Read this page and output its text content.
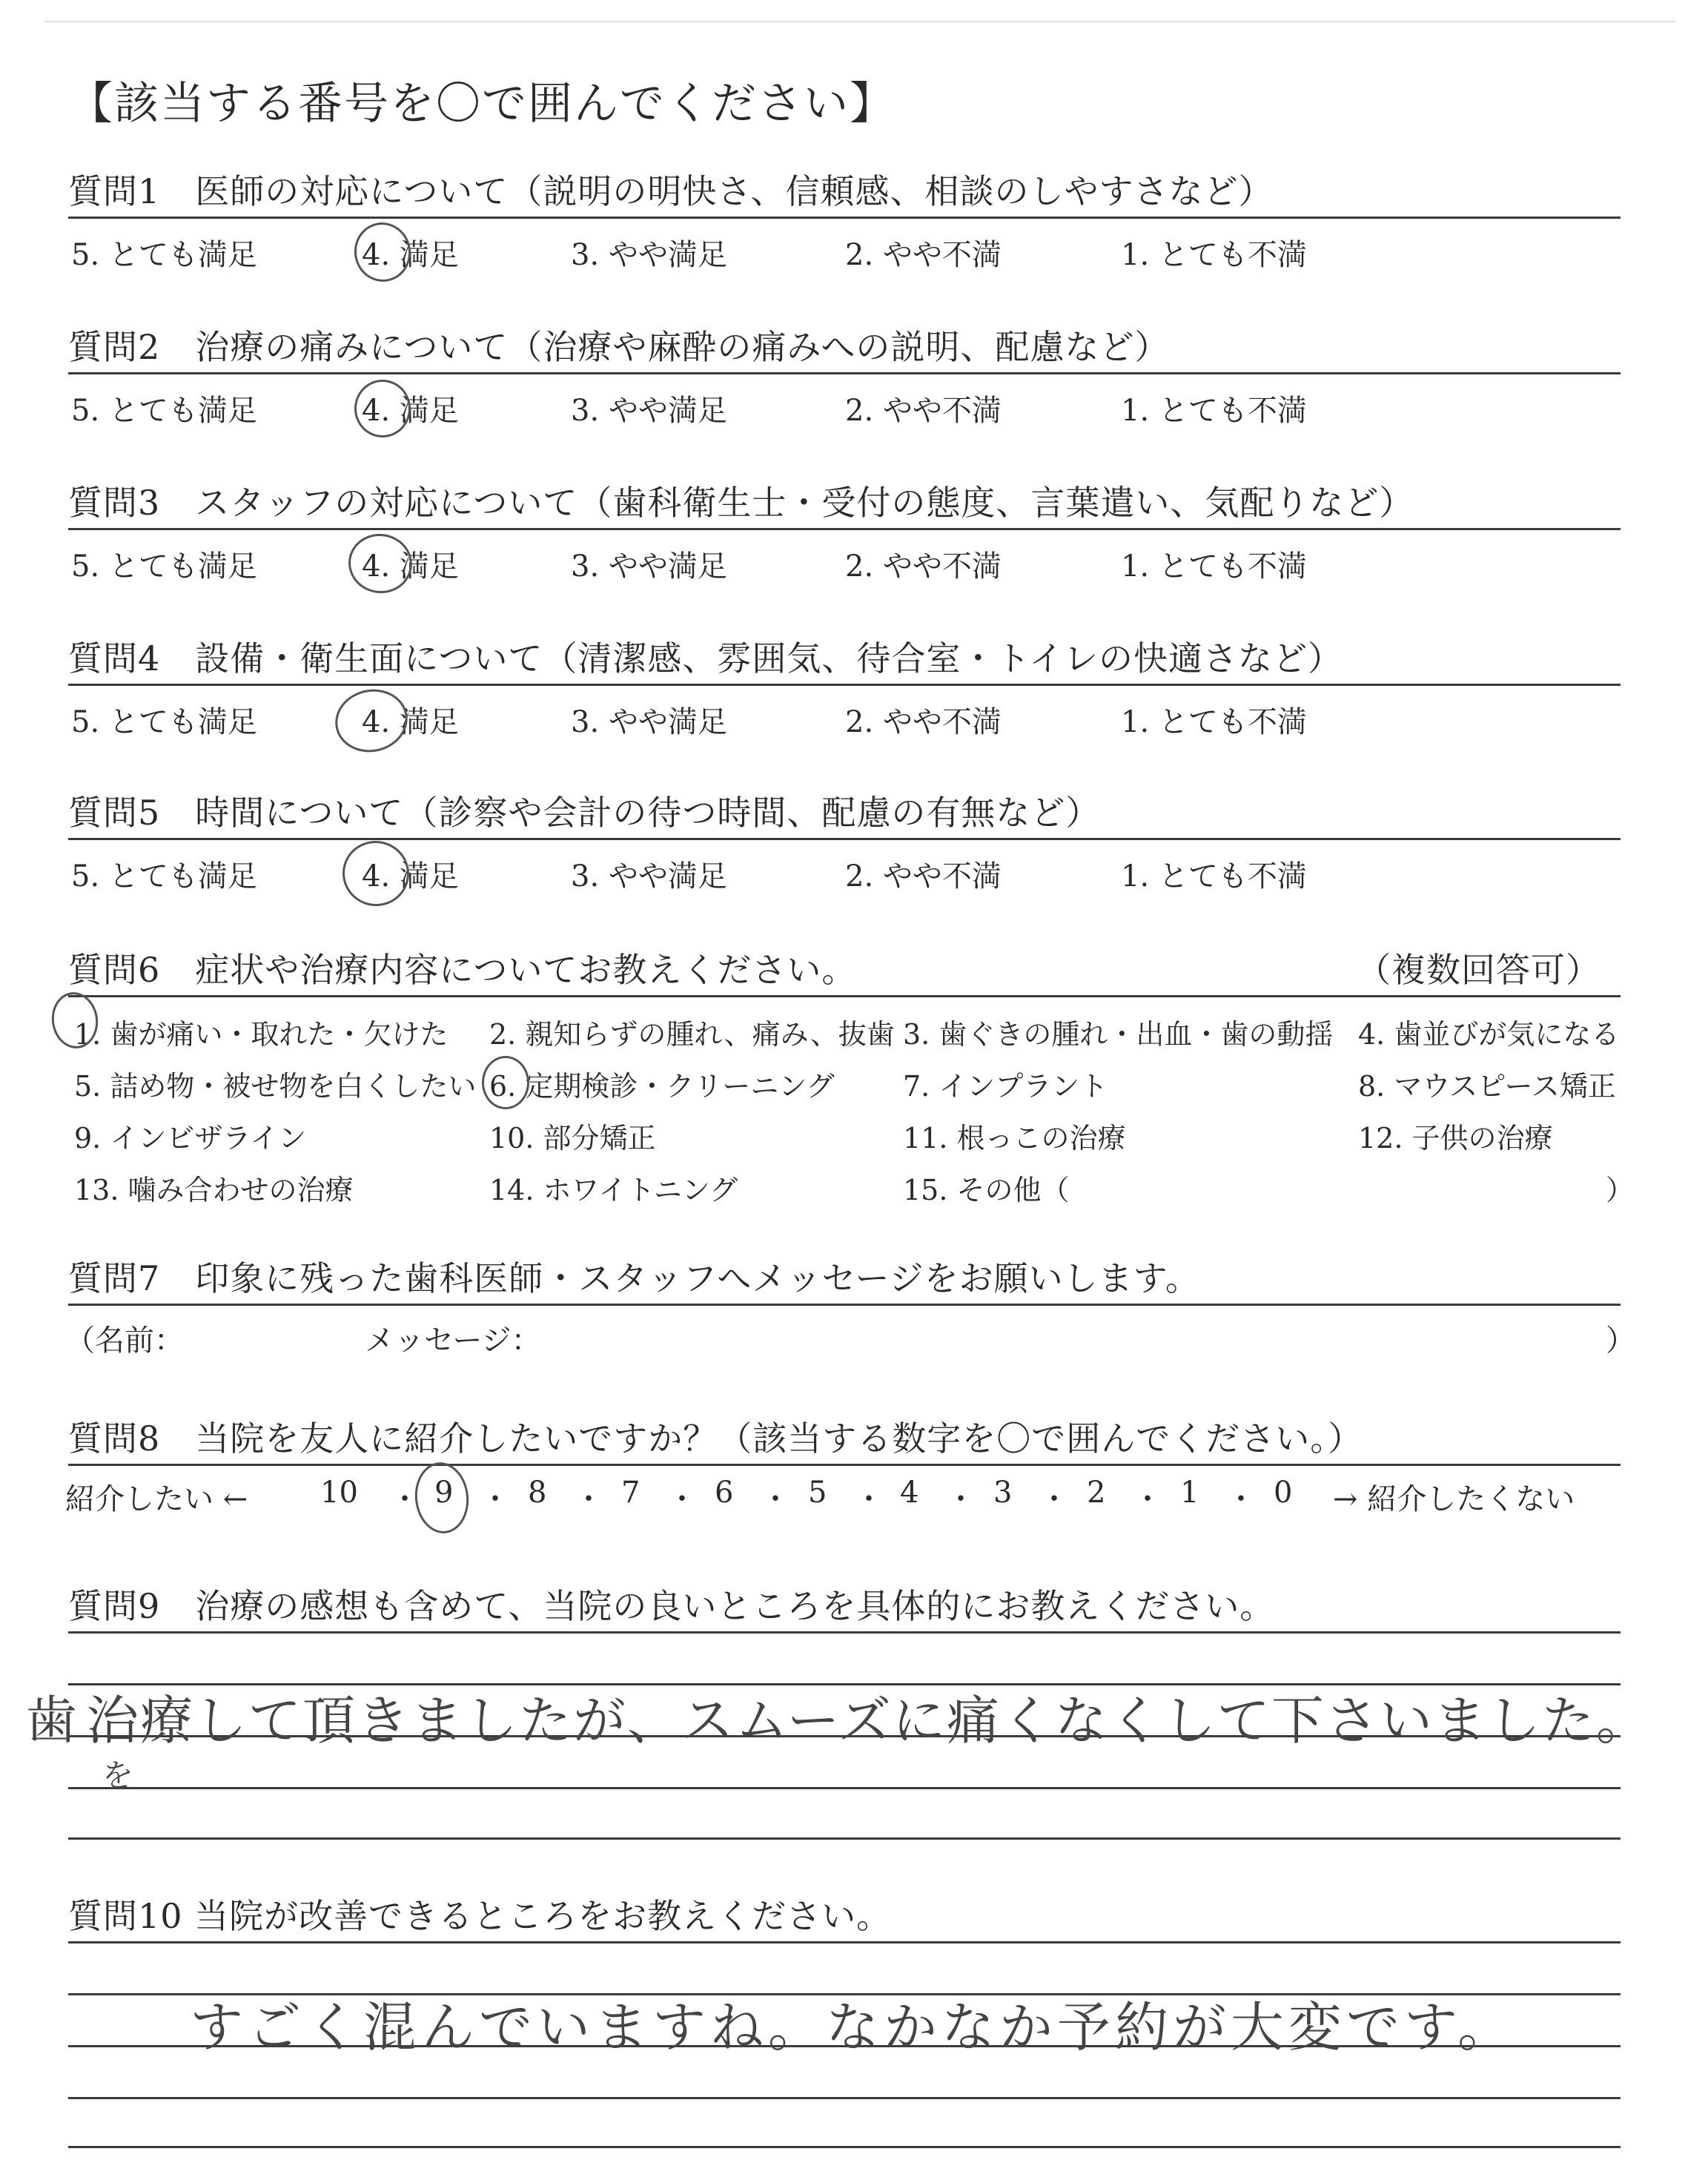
【該当する番号を〇で囲んでください】
質問1　医師の対応について（説明の明快さ、信頼感、相談のしやすさなど）
5. とても満足	4. 満足	3. やや満足	2. やや不満	1. とても不満
質問2　治療の痛みについて（治療や麻酔の痛みへの説明、配慮など）
5. とても満足	4. 満足	3. やや満足	2. やや不満	1. とても不満
質問3　スタッフの対応について（歯科衛生士・受付の態度、言葉遣い、気配りなど）
5. とても満足	4. 満足	3. やや満足	2. やや不満	1. とても不満
質問4　設備・衛生面について（清潔感、雰囲気、待合室・トイレの快適さなど）
5. とても満足	4. 満足	3. やや満足	2. やや不満	1. とても不満
質問5　時間について（診察や会計の待つ時間、配慮の有無など）
5. とても満足	4. 満足	3. やや満足	2. やや不満	1. とても不満
質問6　症状や治療内容についてお教えください。	（複数回答可）
1. 歯が痛い・取れた・欠けた 2. 親知らずの腫れ、痛み、抜歯 3. 歯ぐきの腫れ・出血・歯の動揺 4. 歯並びが気になる
5. 詰め物・被せ物を白くしたい 6. 定期検診・クリーニング 7. インプラント	8. マウスピース矯正
9. インビザライン	10. 部分矯正	11. 根っこの治療	12. 子供の治療
13. 噛み合わせの治療	14. ホワイトニング	15. その他（	）
質問7　印象に残った歯科医師・スタッフへメッセージをお願いします。
（名前：	メッセージ：	）
質問8　当院を友人に紹介したいですか？（該当する数字を〇で囲んでください。）
紹介したい ← 10 ・ 9 ・ 8 ・ 7 ・ 6 ・ 5 ・ 4 ・ 3 ・ 2 ・ 1 ・ 0 → 紹介したくない
質問9　治療の感想も含めて、当院の良いところを具体的にお教えください。
歯
を
治療して頂きましたが、スムーズに痛くなくして下さいました。
質問10 当院が改善できるところをお教えください。
すごく混んでいますね。なかなか予約が大変です。
